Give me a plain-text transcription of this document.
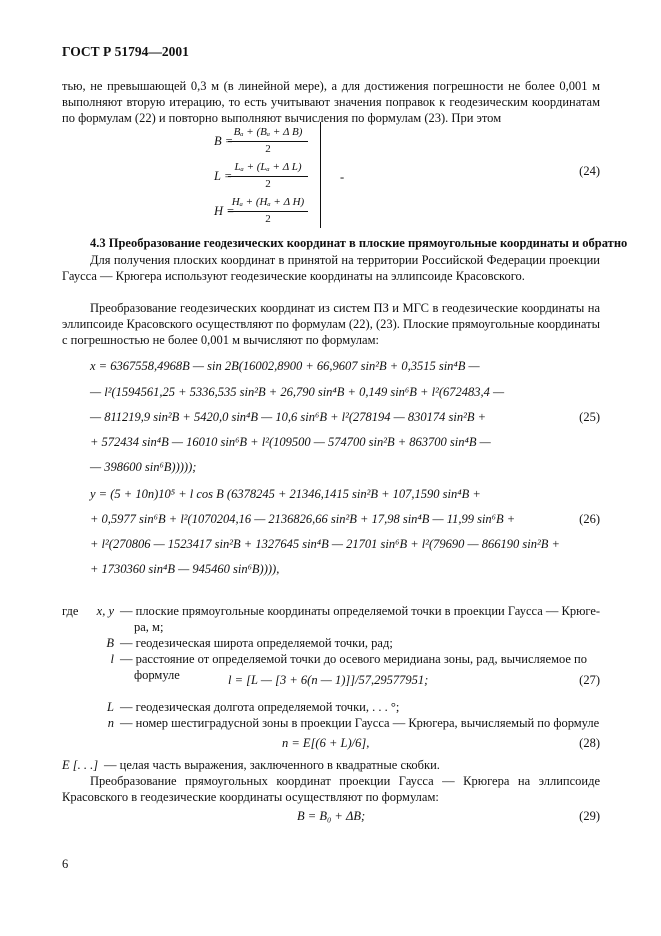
ГОСТ Р 51794—2001
тью, не превышающей 0,3 м (в линейной мере), а для достижения погрешности не более 0,001 м выполняют вторую итерацию, то есть учитывают значения поправок к геодезическим координатам по формулам (22) и повторно выполняют вычисления по формулам (23). При этом
B =
Bₐ + (Bₐ + Δ B)
2
L =
Lₐ + (Lₐ + Δ L)
2
H =
Hₐ + (Hₐ + Δ H)
2
-	(24)
4.3 Преобразование геодезических координат в плоские прямоугольные координаты и обратно
Для получения плоских координат в принятой на территории Российской Федерации проекции Гаусса — Крюгера используют геодезические координаты на эллипсоиде Красовского.
Преобразование геодезических координат из систем ПЗ и МГС в геодезические координаты на эллипсоиде Красовского осуществляют по формулам (22), (23). Плоские прямоугольные координаты с погрешностью не более 0,001 м вычисляют по формулам:
x = 6367558,4968B — sin 2B(16002,8900 + 66,9607 sin²B + 0,3515 sin⁴B —
— l²(1594561,25 + 5336,535 sin²B + 26,790 sin⁴B + 0,149 sin⁶B + l²(672483,4 —
— 811219,9 sin²B + 5420,0 sin⁴B — 10,6 sin⁶B + l²(278194 — 830174 sin²B +
+ 572434 sin⁴B — 16010 sin⁶B + l²(109500 — 574700 sin²B + 863700 sin⁴B —
— 398600 sin⁶B)))));
(25)
y = (5 + 10n)10⁵ + l cos B (6378245 + 21346,1415 sin²B + 107,1590 sin⁴B +
+ 0,5977 sin⁶B + l²(1070204,16 — 2136826,66 sin²B + 17,98 sin⁴B — 11,99 sin⁶B +
+ l²(270806 — 1523417 sin²B + 1327645 sin⁴B — 21701 sin⁶B + l²(79690 — 866190 sin²B +
+ 1730360 sin⁴B — 945460 sin⁶B)))),
(26)
где	x, y — плоские прямоугольные координаты определяемой точки в проекции Гаусса — Крюге-
ра, м;
B — геодезическая широта определяемой точки, рад;
l — расстояние от определяемой точки до осевого меридиана зоны, рад, вычисляемое по
формуле	l = [L — [3 + 6(n — 1)]]/57,29577951;	(27)
L — геодезическая долгота определяемой точки, . . . °;
n — номер шестиградусной зоны в проекции Гаусса — Крюгера, вычисляемый по формуле
n = E[(6 + L)/6],	(28)
E [. . .] — целая часть выражения, заключенного в квадратные скобки.
Преобразование прямоугольных координат проекции Гаусса — Крюгера на эллипсоиде Красовского в геодезические координаты осуществляют по формулам:
B = B₀ + ΔB;	(29)
6
